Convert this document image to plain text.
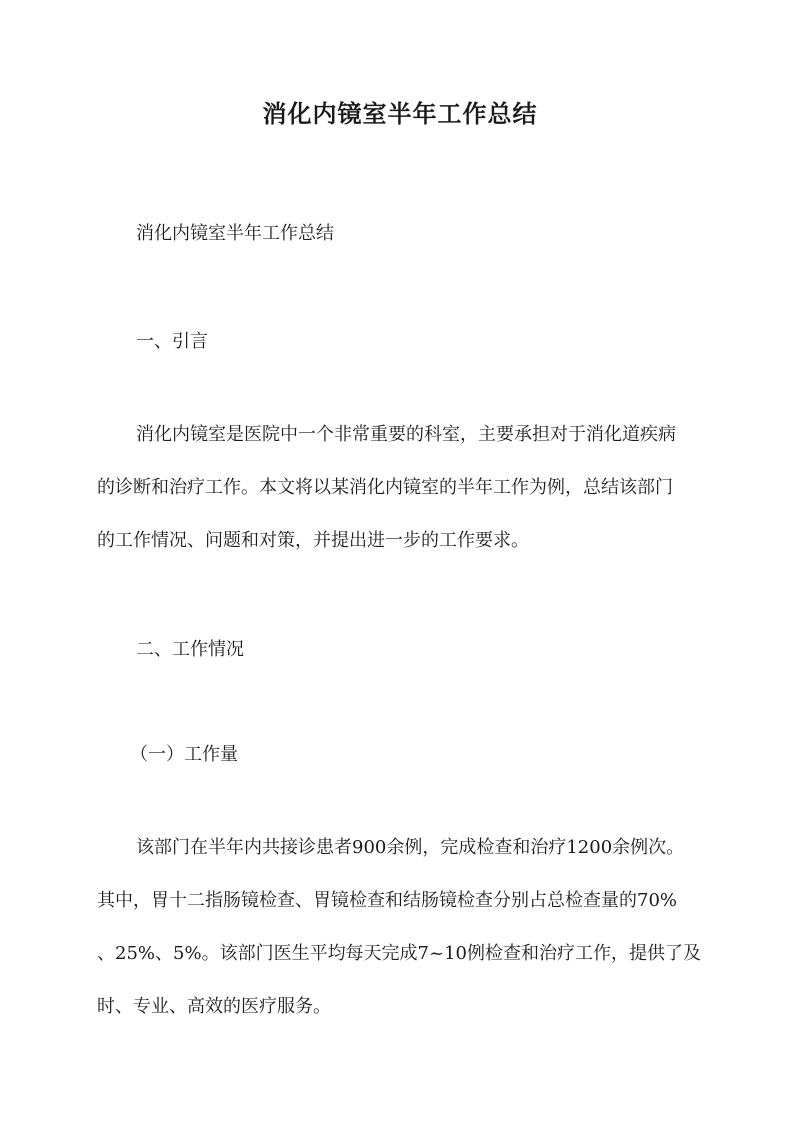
消化内镜室半年工作总结
消化内镜室半年工作总结
一、引言
消化内镜室是医院中一个非常重要的科室，主要承担对于消化道疾病
的诊断和治疗工作。本文将以某消化内镜室的半年工作为例，总结该部门
的工作情况、问题和对策，并提出进一步的工作要求。
二、工作情况
（一）工作量
该部门在半年内共接诊患者900余例，完成检查和治疗1200余例次。
其中，胃十二指肠镜检查、胃镜检查和结肠镜检查分别占总检查量的70%
、25%、5%。该部门医生平均每天完成7~10例检查和治疗工作，提供了及
时、专业、高效的医疗服务。
